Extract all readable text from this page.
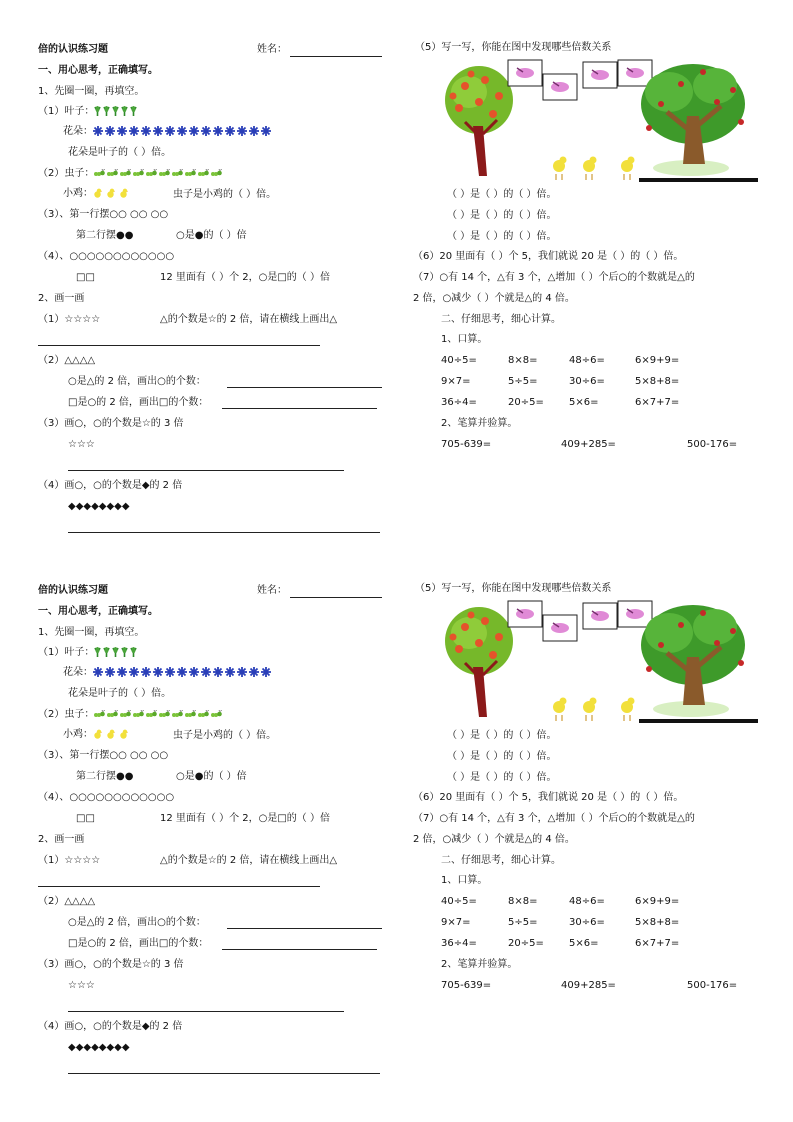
倍的认识练习题	姓名：
一、用心思考，正确填写。
1、先圈一圈，再填空。
（1）叶子：
花朵：
花朵是叶子的（ ）倍。
（2）虫子：
小鸡：	虫子是小鸡的（ ）倍。
（3）、第一行摆○○ ○○ ○○
第二行摆●●	○是●的（ ）倍
（4）、○○○○○○○○○○○○
□□	12 里面有（ ）个 2，○是□的（ ）倍
2、画一画
（1）☆☆☆☆	△的个数是☆的 2 倍，请在横线上画出△
（2）△△△△
○是△的 2 倍，画出○的个数：
□是○的 2 倍，画出□的个数：
（3）画○，○的个数是☆的 3 倍
☆☆☆
（4）画○，○的个数是◆的 2 倍
◆◆◆◆◆◆◆◆
（5）写一写，你能在图中发现哪些倍数关系
（ ）是（ ）的（ ）倍。
（ ）是（ ）的（ ）倍。
（ ）是（ ）的（ ）倍。
（6）20 里面有（ ）个 5，我们就说 20 是（ ）的（ ）倍。
（7）○有 14 个，△有 3 个，△增加（ ）个后○的个数就是△的
2 倍，○减少（ ）个就是△的 4 倍。
二、仔细思考，细心计算。
1、口算。
40÷5=	8×8=	48÷6=	6×9+9=
9×7=	5÷5=	30÷6=	5×8+8=
36÷4=	20÷5=	5×6=	6×7+7=
2、笔算并验算。
705-639=	409+285=	500-176=
倍的认识练习题	姓名：
一、用心思考，正确填写。
1、先圈一圈，再填空。
（1）叶子：
花朵：
花朵是叶子的（ ）倍。
（2）虫子：
小鸡：	虫子是小鸡的（ ）倍。
（3）、第一行摆○○ ○○ ○○
第二行摆●●	○是●的（ ）倍
（4）、○○○○○○○○○○○○
□□	12 里面有（ ）个 2，○是□的（ ）倍
2、画一画
（1）☆☆☆☆	△的个数是☆的 2 倍，请在横线上画出△
（2）△△△△
○是△的 2 倍，画出○的个数：
□是○的 2 倍，画出□的个数：
（3）画○，○的个数是☆的 3 倍
☆☆☆
（4）画○，○的个数是◆的 2 倍
◆◆◆◆◆◆◆◆
（5）写一写，你能在图中发现哪些倍数关系
（ ）是（ ）的（ ）倍。
（ ）是（ ）的（ ）倍。
（ ）是（ ）的（ ）倍。
（6）20 里面有（ ）个 5，我们就说 20 是（ ）的（ ）倍。
（7）○有 14 个，△有 3 个，△增加（ ）个后○的个数就是△的
2 倍，○减少（ ）个就是△的 4 倍。
二、仔细思考，细心计算。
1、口算。
40÷5=	8×8=	48÷6=	6×9+9=
9×7=	5÷5=	30÷6=	5×8+8=
36÷4=	20÷5=	5×6=	6×7+7=
2、笔算并验算。
705-639=	409+285=	500-176=
